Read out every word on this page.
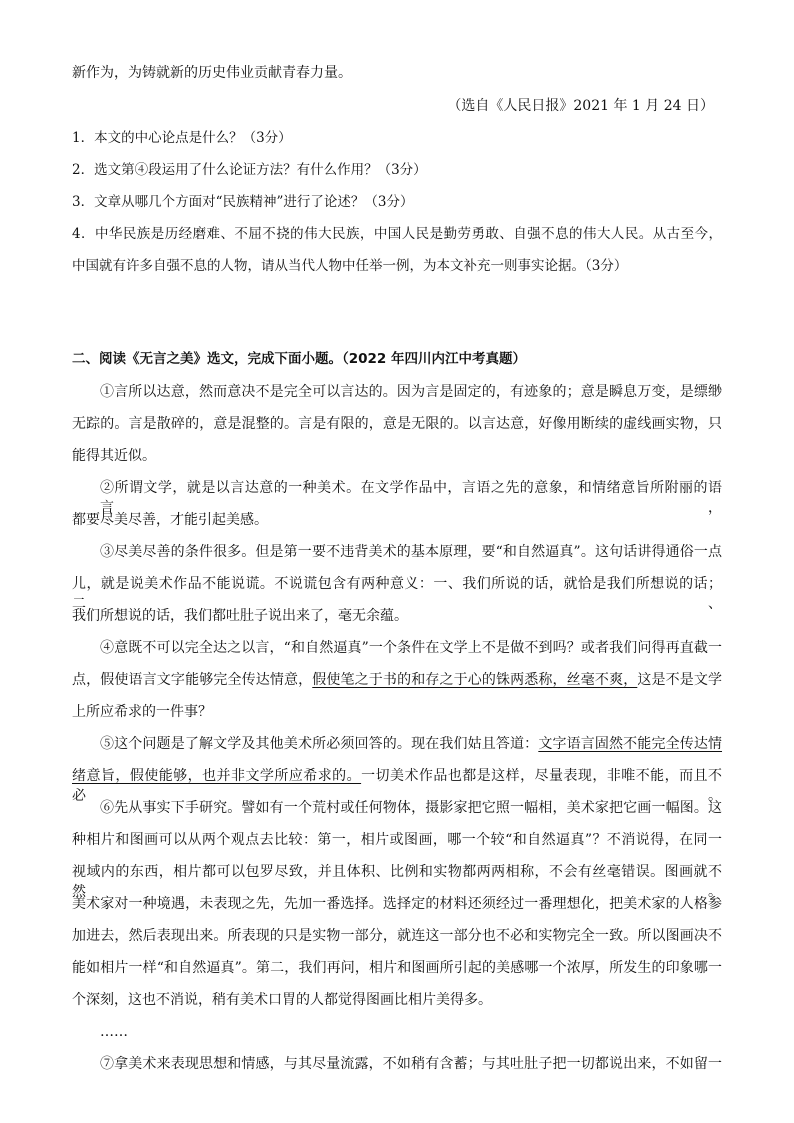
新作为，为铸就新的历史伟业贡献青春力量。
（选自《人民日报》2021 年 1 月 24 日）
1．本文的中心论点是什么？（3分）
2．选文第④段运用了什么论证方法？有什么作用？（3分）
3．文章从哪几个方面对“民族精神”进行了论述？（3分）
4．中华民族是历经磨难、不屈不挠的伟大民族，中国人民是勤劳勇敢、自强不息的伟大人民。从古至今，
中国就有许多自强不息的人物，请从当代人物中任举一例，为本文补充一则事实论据。（3分）
二、阅读《无言之美》选文，完成下面小题。（2022 年四川内江中考真题）
①言所以达意，然而意决不是完全可以言达的。因为言是固定的，有迹象的；意是瞬息万变，是缥缈
无踪的。言是散碎的，意是混整的。言是有限的，意是无限的。以言达意，好像用断续的虚线画实物，只
能得其近似。
②所谓文学，就是以言达意的一种美术。在文学作品中，言语之先的意象，和情绪意旨所附丽的语言，
都要尽美尽善，才能引起美感。
③尽美尽善的条件很多。但是第一要不违背美术的基本原理，要“和自然逼真”。这句话讲得通俗一点
儿，就是说美术作品不能说谎。不说谎包含有两种意义：一、我们所说的话，就恰是我们所想说的话；二、
我们所想说的话，我们都吐肚子说出来了，毫无余蕴。
④意既不可以完全达之以言，“和自然逼真”一个条件在文学上不是做不到吗？或者我们问得再直截一
点，假使语言文字能够完全传达情意，假使笔之于书的和存之于心的铢两悉称，丝毫不爽，这是不是文学
上所应希求的一件事？
⑤这个问题是了解文学及其他美术所必须回答的。现在我们姑且答道：文字语言固然不能完全传达情
绪意旨，假使能够，也并非文学所应希求的。一切美术作品也都是这样，尽量表现，非唯不能，而且不必。
⑥先从事实下手研究。譬如有一个荒村或任何物体，摄影家把它照一幅相，美术家把它画一幅图。这
种相片和图画可以从两个观点去比较：第一，相片或图画，哪一个较“和自然逼真”？不消说得，在同一
视域内的东西，相片都可以包罗尽致，并且体积、比例和实物都两两相称，不会有丝毫错误。图画就不然。
美术家对一种境遇，未表现之先，先加一番选择。选择定的材料还须经过一番理想化，把美术家的人格参
加进去，然后表现出来。所表现的只是实物一部分，就连这一部分也不必和实物完全一致。所以图画决不
能如相片一样“和自然逼真”。第二，我们再问，相片和图画所引起的美感哪一个浓厚，所发生的印象哪一
个深刻，这也不消说，稍有美术口胃的人都觉得图画比相片美得多。
……
⑦拿美术来表现思想和情感，与其尽量流露，不如稍有含蓄；与其吐肚子把一切都说出来，不如留一
